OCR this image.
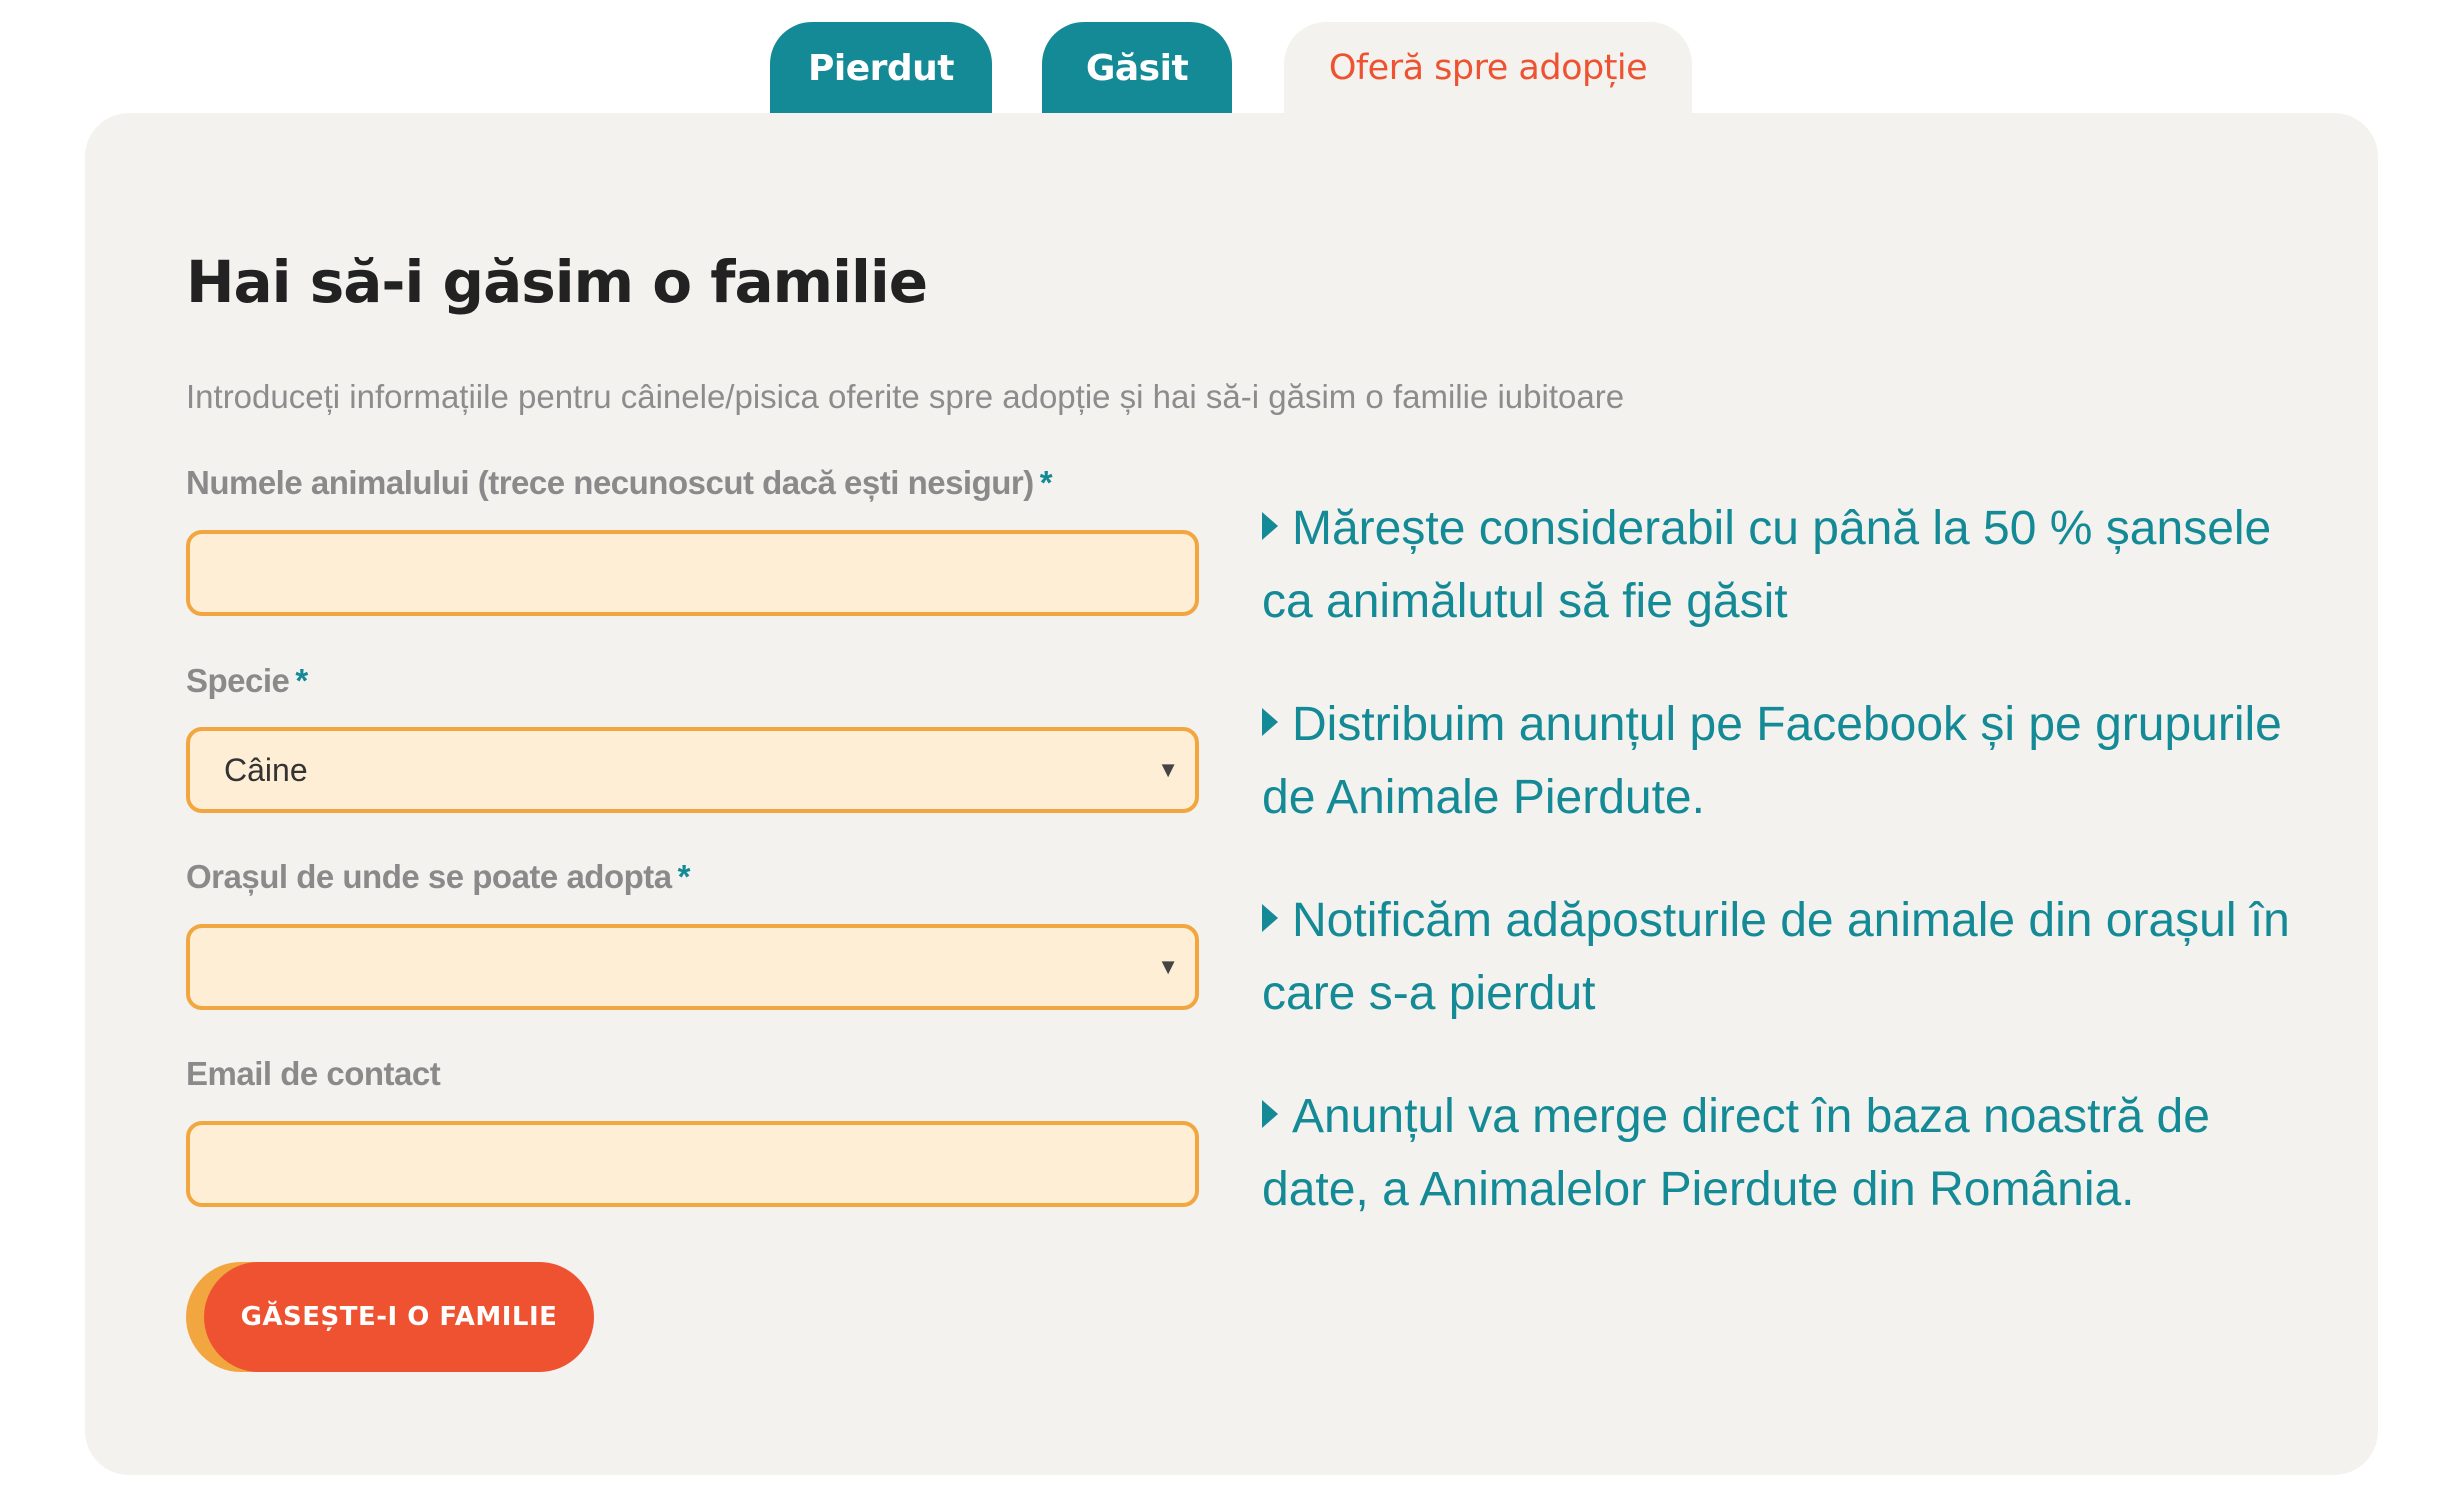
Pierdut	Găsit	Oferă spre adopție
Hai să-i găsim o familie
Introduceți informațiile pentru câinele/pisica oferite spre adopție și hai să-i găsim o familie iubitoare
Numele animalului (trece necunoscut dacă ești nesigur) *
Specie *
Câine	▼
Orașul de unde se poate adopta *
▼
Email de contact
GĂSEȘTE-I O FAMILIE
Mărește considerabil cu până la 50 % șansele ca animălutul să fie găsit
Distribuim anunțul pe Facebook și pe grupurile de Animale Pierdute.
Notificăm adăposturile de animale din orașul în care s-a pierdut
Anunțul va merge direct în baza noastră de date, a Animalelor Pierdute din România.
